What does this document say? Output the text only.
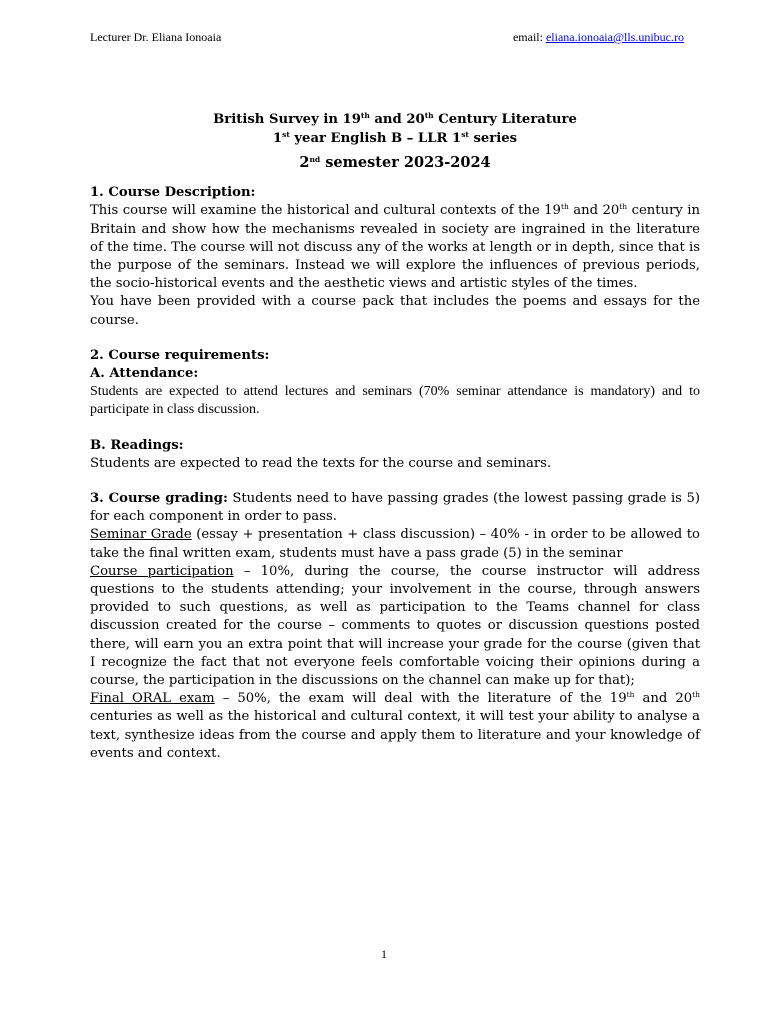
Lecturer Dr. Eliana Ionoaia	email: eliana.ionoaia@lls.unibuc.ro
British Survey in 19th and 20th Century Literature
1st year English B – LLR 1st series
2nd semester 2023-2024

1. Course Description:

This course will examine the historical and cultural contexts of the 19th and 20th century in Britain and show how the mechanisms revealed in society are ingrained in the literature of the time. The course will not discuss any of the works at length or in depth, since that is the purpose of the seminars. Instead we will explore the influences of previous periods, the socio-historical events and the aesthetic views and artistic styles of the times.

You have been provided with a course pack that includes the poems and essays for the course.

2. Course requirements:

A. Attendance:

Students are expected to attend lectures and seminars (70% seminar attendance is mandatory) and to participate in class discussion.

B. Readings:

Students are expected to read the texts for the course and seminars.

3. Course grading: Students need to have passing grades (the lowest passing grade is 5) for each component in order to pass.

Seminar Grade (essay + presentation + class discussion) – 40% - in order to be allowed to take the final written exam, students must have a pass grade (5) in the seminar

Course participation – 10%, during the course, the course instructor will address questions to the students attending; your involvement in the course, through answers provided to such questions, as well as participation to the Teams channel for class discussion created for the course – comments to quotes or discussion questions posted there, will earn you an extra point that will increase your grade for the course (given that I recognize the fact that not everyone feels comfortable voicing their opinions during a course, the participation in the discussions on the channel can make up for that);

Final ORAL exam – 50%, the exam will deal with the literature of the 19th and 20th centuries as well as the historical and cultural context, it will test your ability to analyse a text, synthesize ideas from the course and apply them to literature and your knowledge of events and context.

1
